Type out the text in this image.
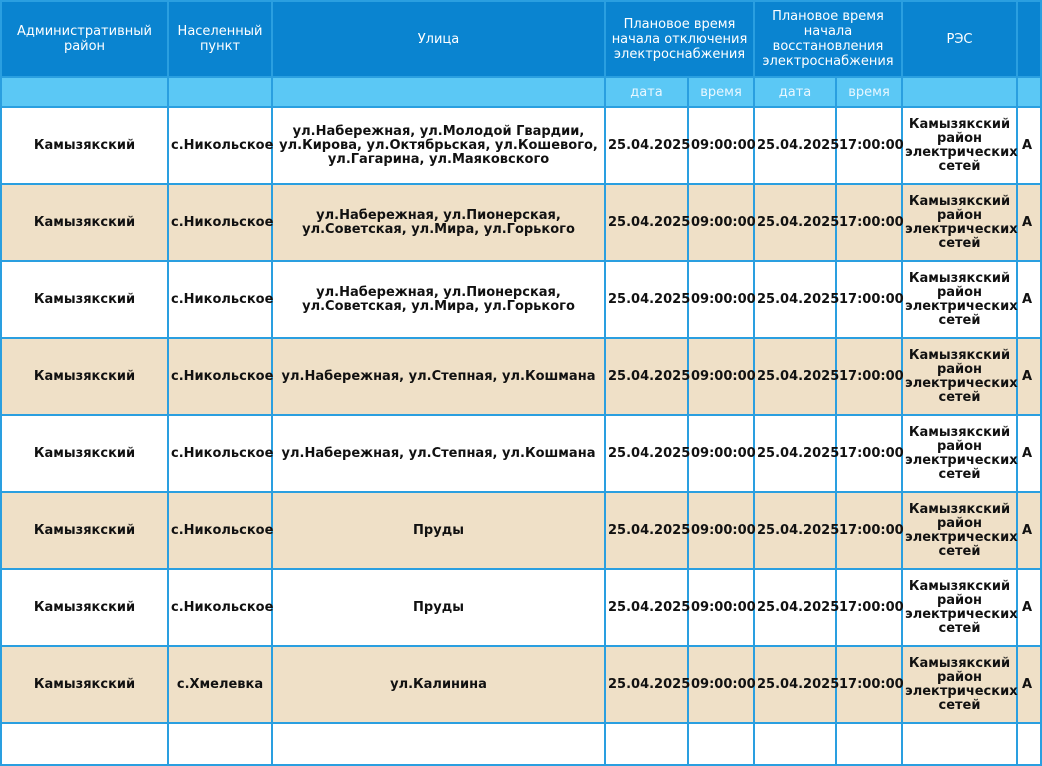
Административный район	Населенный пункт	Улица	Плановое время начала отключения электроснабжения		Плановое время начала восстановления электроснабжения		РЭС	
			дата	время	дата	время		
Камызякский	с.Никольское	ул.Набережная, ул.Молодой Гвардии, ул.Кирова, ул.Октябрьская, ул.Кошевого, ул.Гагарина, ул.Маяковского	25.04.2025	09:00:00	25.04.2025	17:00:00	Камызякский район электрических сетей	А
Камызякский	с.Никольское	ул.Набережная, ул.Пионерская, ул.Советская, ул.Мира, ул.Горького	25.04.2025	09:00:00	25.04.2025	17:00:00	Камызякский район электрических сетей	А
Камызякский	с.Никольское	ул.Набережная, ул.Пионерская, ул.Советская, ул.Мира, ул.Горького	25.04.2025	09:00:00	25.04.2025	17:00:00	Камызякский район электрических сетей	А
Камызякский	с.Никольское	ул.Набережная, ул.Степная, ул.Кошмана	25.04.2025	09:00:00	25.04.2025	17:00:00	Камызякский район электрических сетей	А
Камызякский	с.Никольское	ул.Набережная, ул.Степная, ул.Кошмана	25.04.2025	09:00:00	25.04.2025	17:00:00	Камызякский район электрических сетей	А
Камызякский	с.Никольское	Пруды	25.04.2025	09:00:00	25.04.2025	17:00:00	Камызякский район электрических сетей	А
Камызякский	с.Никольское	Пруды	25.04.2025	09:00:00	25.04.2025	17:00:00	Камызякский район электрических сетей	А
Камызякский	с.Хмелевка	ул.Калинина	25.04.2025	09:00:00	25.04.2025	17:00:00	Камызякский район электрических сетей	А
